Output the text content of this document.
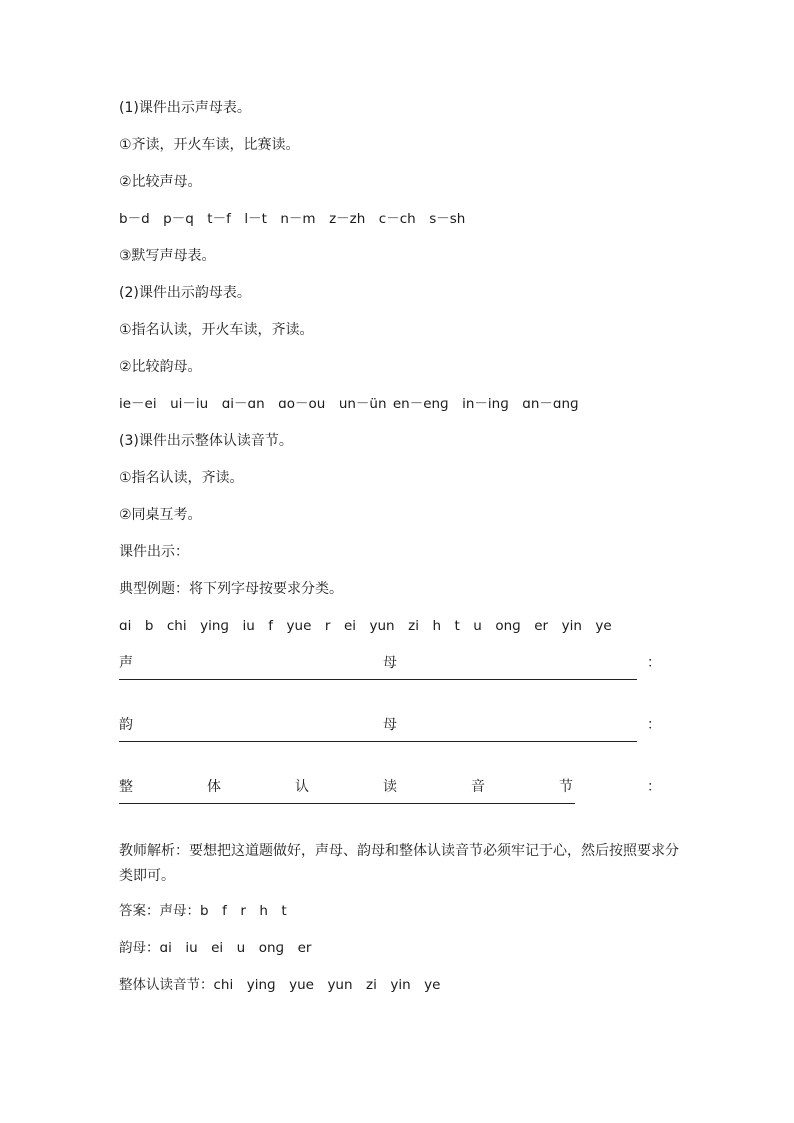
(1)课件出示声母表。
①齐读，开火车读，比赛读。
②比较声母。
b－d　p－q　t－f　l－t　n－m　z－zh　c－ch　s－sh
③默写声母表。
(2)课件出示韵母表。
①指名认读，开火车读，齐读。
②比较韵母。
ie－ei　ui－iu　ɑi－ɑn　ɑo－ou　un－ün en－enɡ　in－inɡ　ɑn－ɑnɡ
(3)课件出示整体认读音节。
①指名认读，齐读。
②同桌互考。
课件出示：
典型例题：将下列字母按要求分类。
ɑi　b　chi　yinɡ　iu　f　yue　r　ei　yun　zi　h　t　u　onɡ　er　yin　ye
声	母	：
韵	母	：
整	体	认	读	音	节	：
教师解析：要想把这道题做好，声母、韵母和整体认读音节必须牢记于心，然后按照要求分类即可。
答案：声母：b　f　r　h　t
韵母：ɑi　iu　ei　u　onɡ　er
整体认读音节：chi　yinɡ　yue　yun　zi　yin　ye
